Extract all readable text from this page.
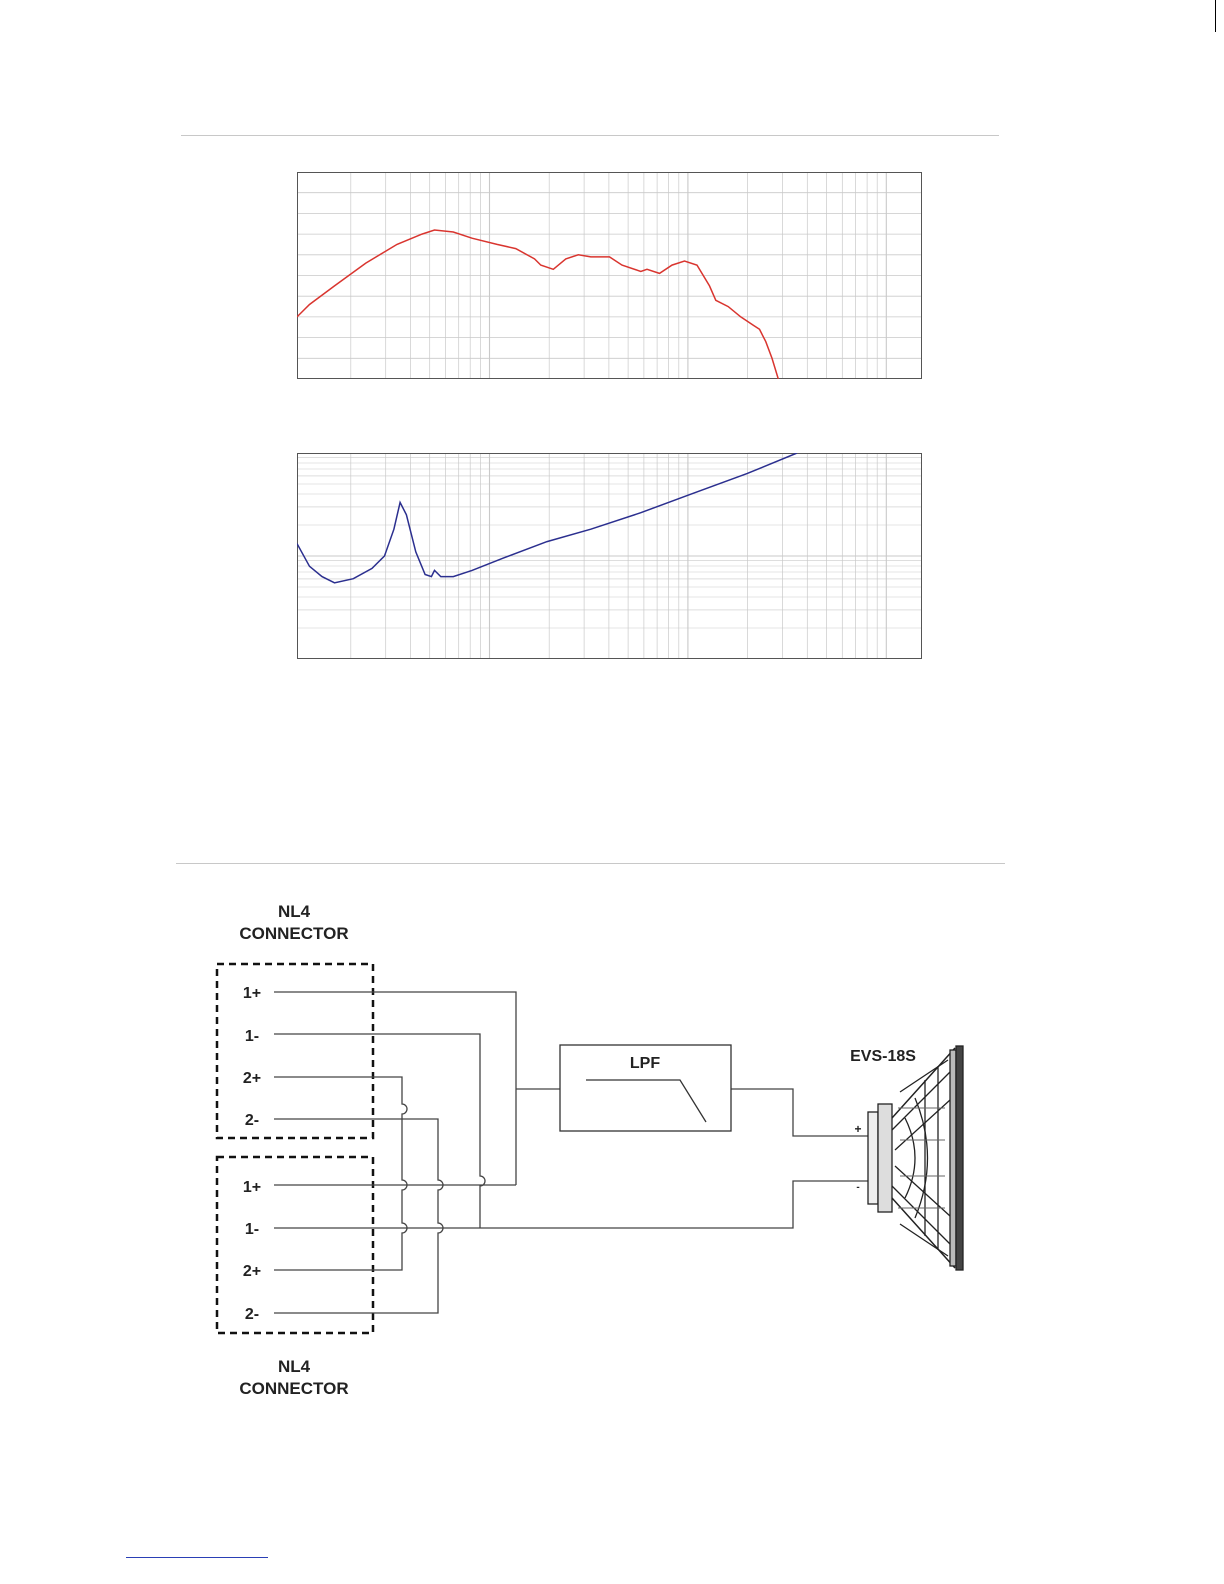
NL4
CONNECTOR
1+
1-
2+
2-
1+
1-
2+
2-
NL4
CONNECTOR
LPF	EVS-18S
+
-
